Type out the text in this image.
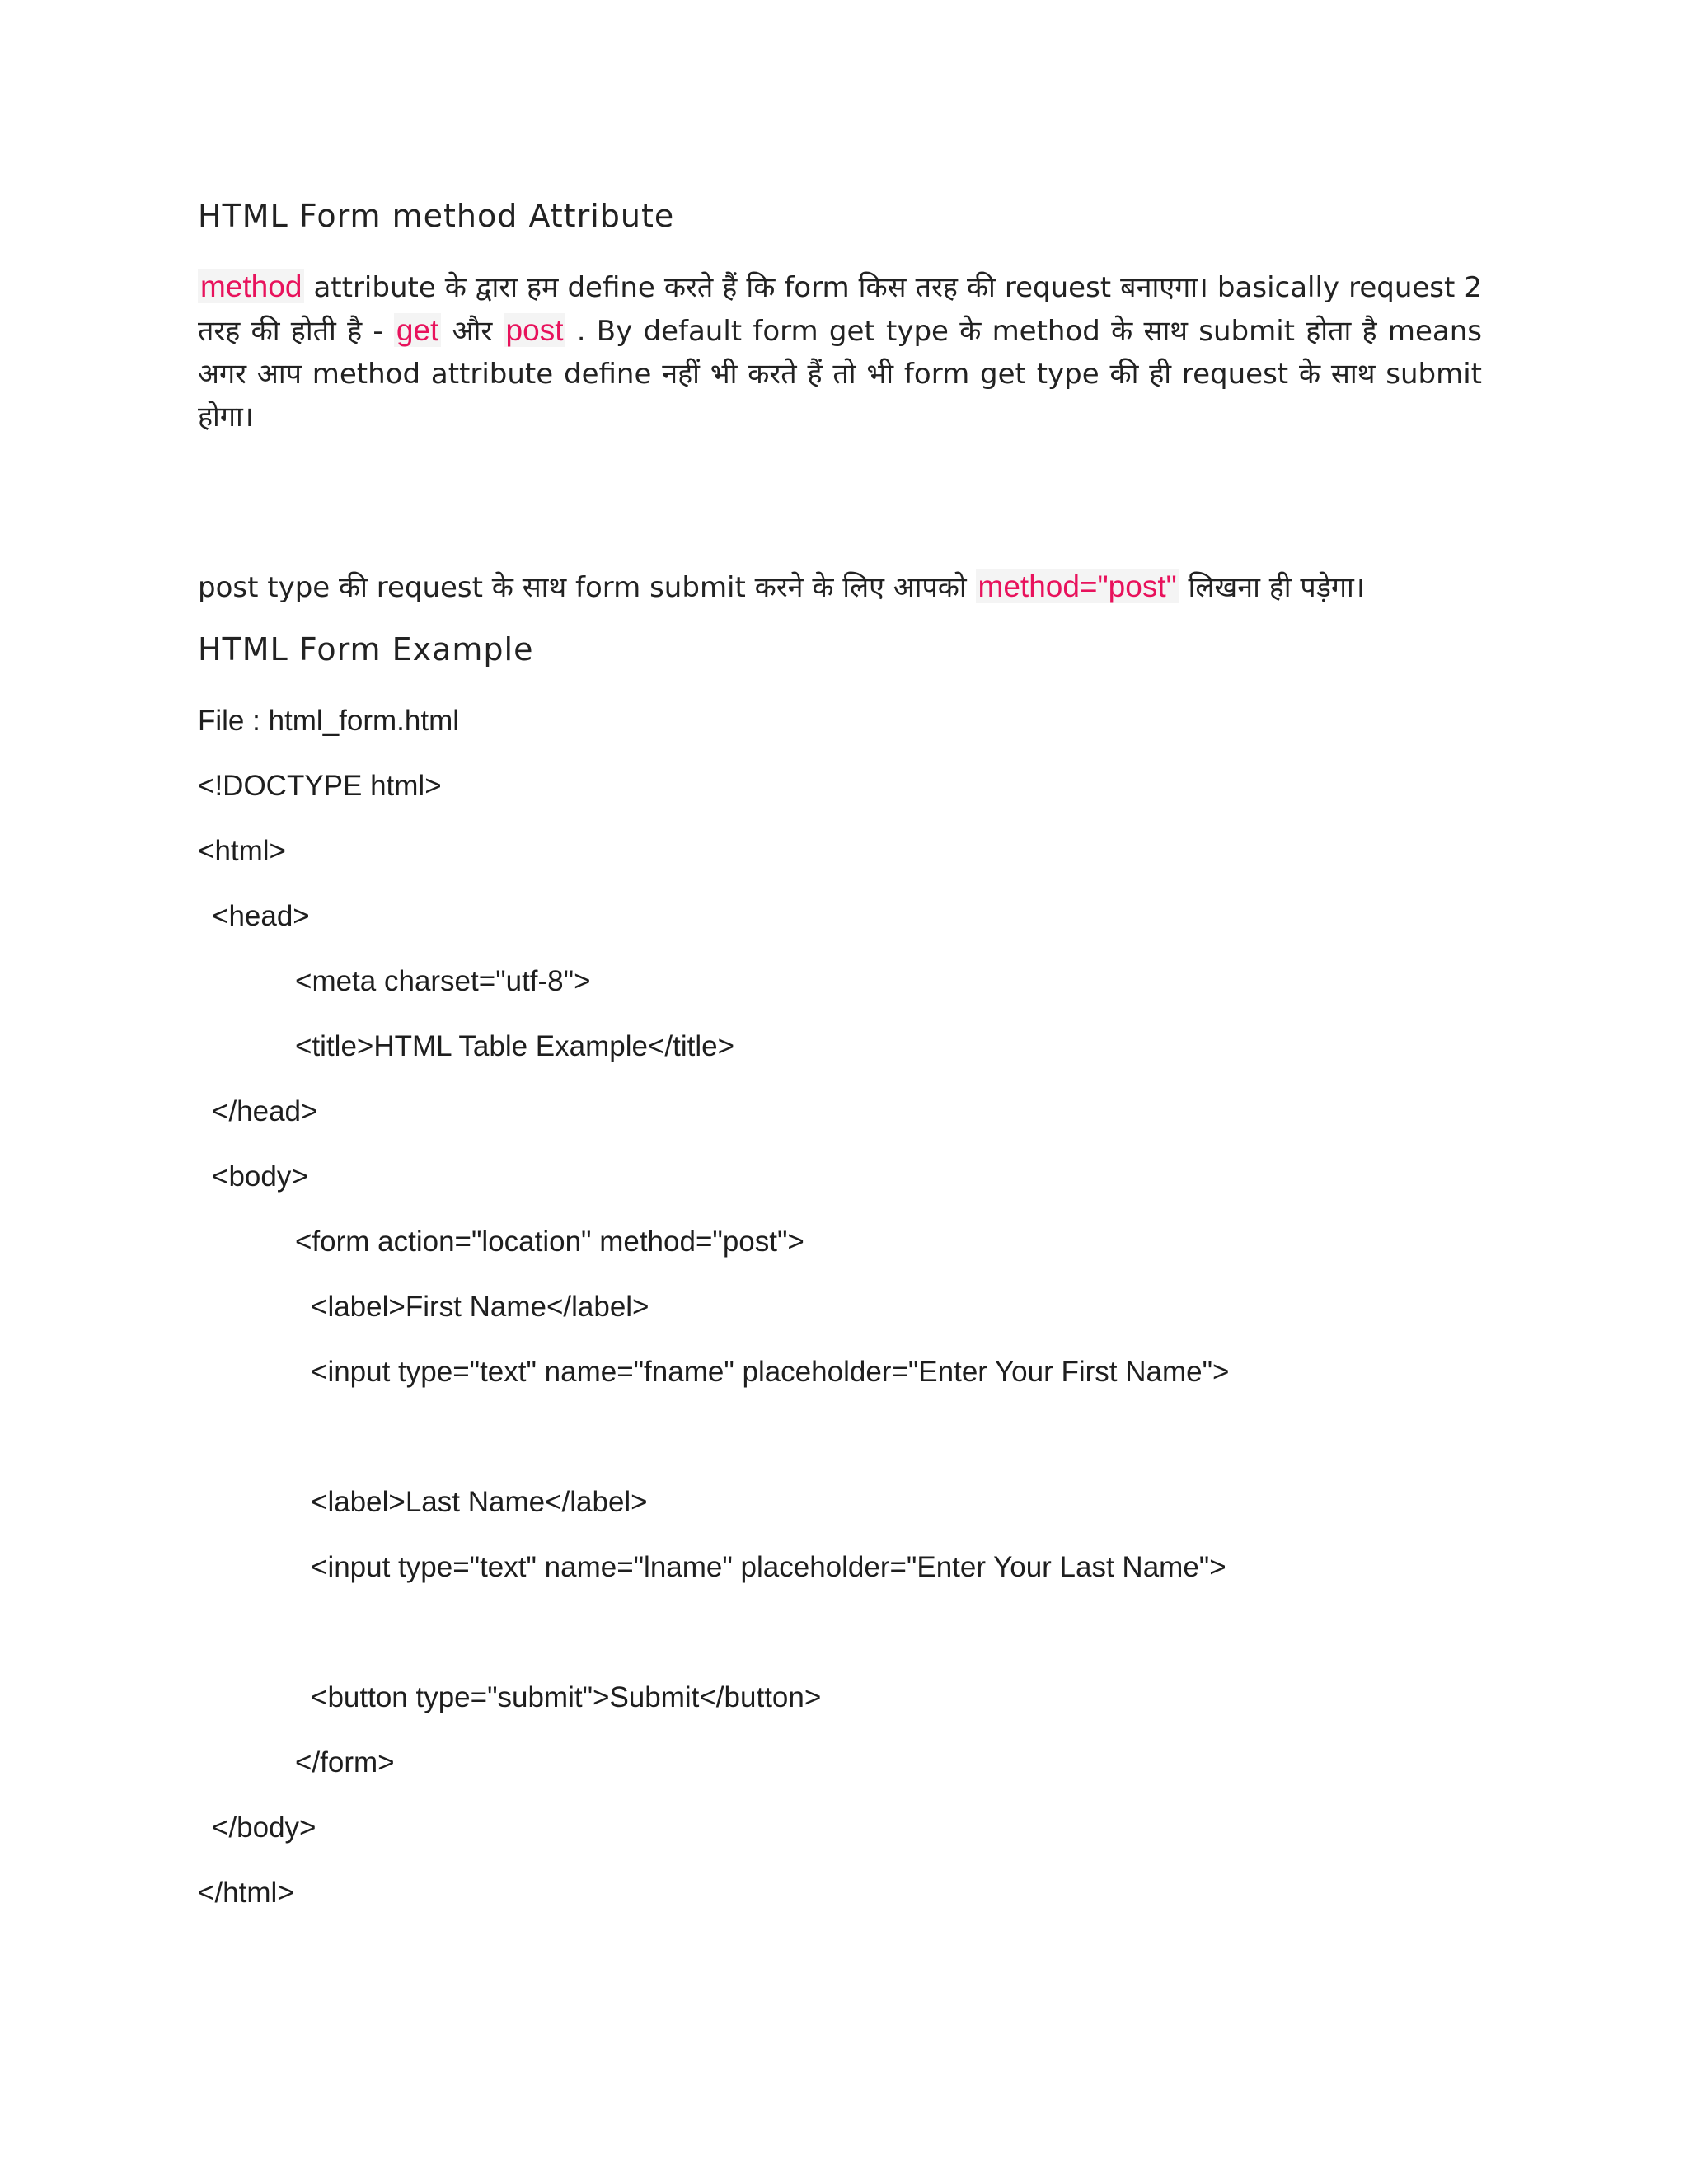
HTML Form method Attribute
method attribute के द्वारा हम define करते हैं कि form किस तरह की request बनाएगा। basically request 2 तरह की होती है - get और post . By default form get type के method के साथ submit होता है means अगर आप method attribute define नहीं भी करते हैं तो भी form get type की ही request के साथ submit होगा।
post type की request के साथ form submit करने के लिए आपको method="post" लिखना ही पड़ेगा।
HTML Form Example
File : html_form.html
<!DOCTYPE html>
<html>
<head>
<meta charset="utf-8">
<title>HTML Table Example</title>
</head>
<body>
<form action="location" method="post">
<label>First Name</label>
<input type="text" name="fname" placeholder="Enter Your First Name">
<label>Last Name</label>
<input type="text" name="lname" placeholder="Enter Your Last Name">
<button type="submit">Submit</button>
</form>
</body>
</html>
